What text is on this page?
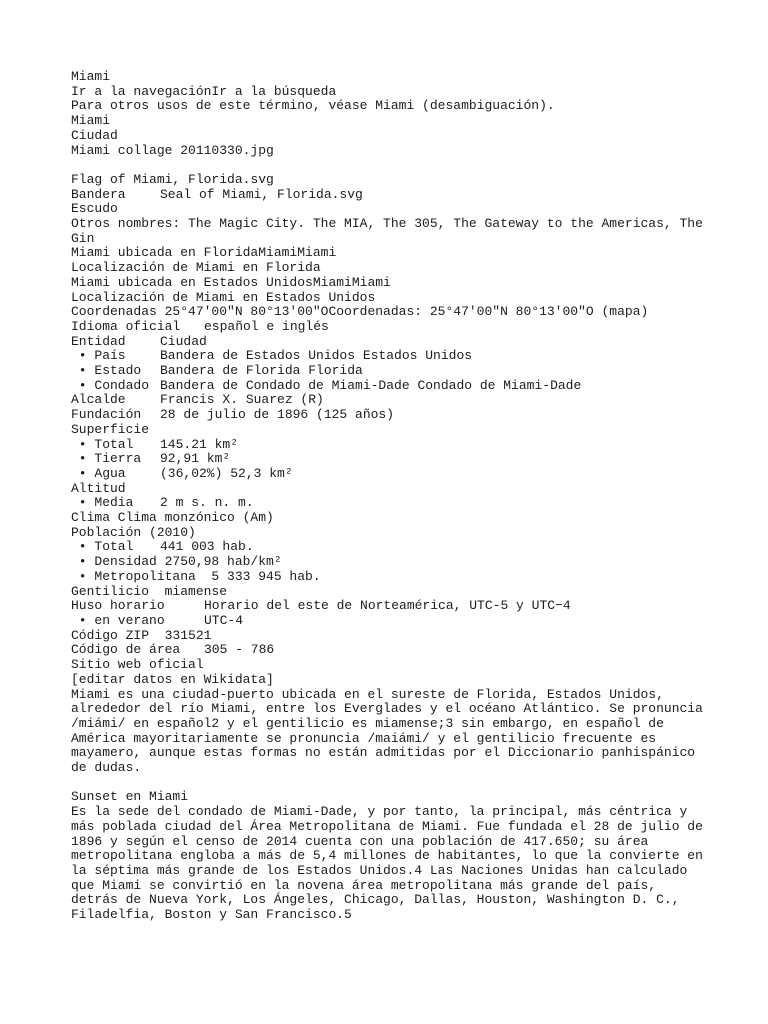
Miami
Ir a la navegaciónIr a la búsqueda
Para otros usos de este término, véase Miami (desambiguación).
Miami
Ciudad
Miami collage 20110330.jpg
Flag of Miami, Florida.svg
Bandera	Seal of Miami, Florida.svg
Escudo
Otros nombres: The Magic City. The MIA, The 305, The Gateway to the Americas, The Gin
Miami ubicada en FloridaMiamiMiami
Localización de Miami en Florida
Miami ubicada en Estados UnidosMiamiMiami
Localización de Miami en Estados Unidos
Coordenadas 25°47′00″N 80°13′00″OCoordenadas: 25°47′00″N 80°13′00″O (mapa)
Idioma oficial español e inglés
Entidad	Ciudad
• País	Bandera de Estados Unidos Estados Unidos
• Estado Bandera de Florida Florida
• Condado Bandera de Condado de Miami-Dade Condado de Miami-Dade
Alcalde	Francis X. Suarez (R)
Fundación 28 de julio de 1896 (125 años)
Superficie
• Total 145.21 km²
• Tierra 92,91 km²
• Agua	(36,02%) 52,3 km²
Altitud
• Media 2 m s. n. m.
Clima Clima monzónico (Am)
Población (2010)
• Total 441 003 hab.
• Densidad 2750,98 hab/km²
• Metropolitana  5 333 945 hab.
Gentilicio  miamense
Huso horario	Horario del este de Norteamérica, UTC-5 y UTC−4
• en verano	UTC-4
Código ZIP  331521
Código de área 305 - 786
Sitio web oficial
[editar datos en Wikidata]
Miami es una ciudad-puerto ubicada en el sureste de Florida, Estados Unidos, alrededor del río Miami, entre los Everglades y el océano Atlántico. Se pronuncia /miámi/ en español2 y el gentilicio es miamense;3 sin embargo, en español de América mayoritariamente se pronuncia /maiámi/ y el gentilicio frecuente es mayamero, aunque estas formas no están admitidas por el Diccionario panhispánico de dudas.
Sunset en Miami
Es la sede del condado de Miami-Dade, y por tanto, la principal, más céntrica y más poblada ciudad del Área Metropolitana de Miami. Fue fundada el 28 de julio de 1896 y según el censo de 2014 cuenta con una población de 417.650; su área metropolitana engloba a más de 5,4 millones de habitantes, lo que la convierte en la séptima más grande de los Estados Unidos.4 Las Naciones Unidas han calculado que Miami se convirtió en la novena área metropolitana más grande del país, detrás de Nueva York, Los Ángeles, Chicago, Dallas, Houston, Washington D. C., Filadelfia, Boston y San Francisco.5
